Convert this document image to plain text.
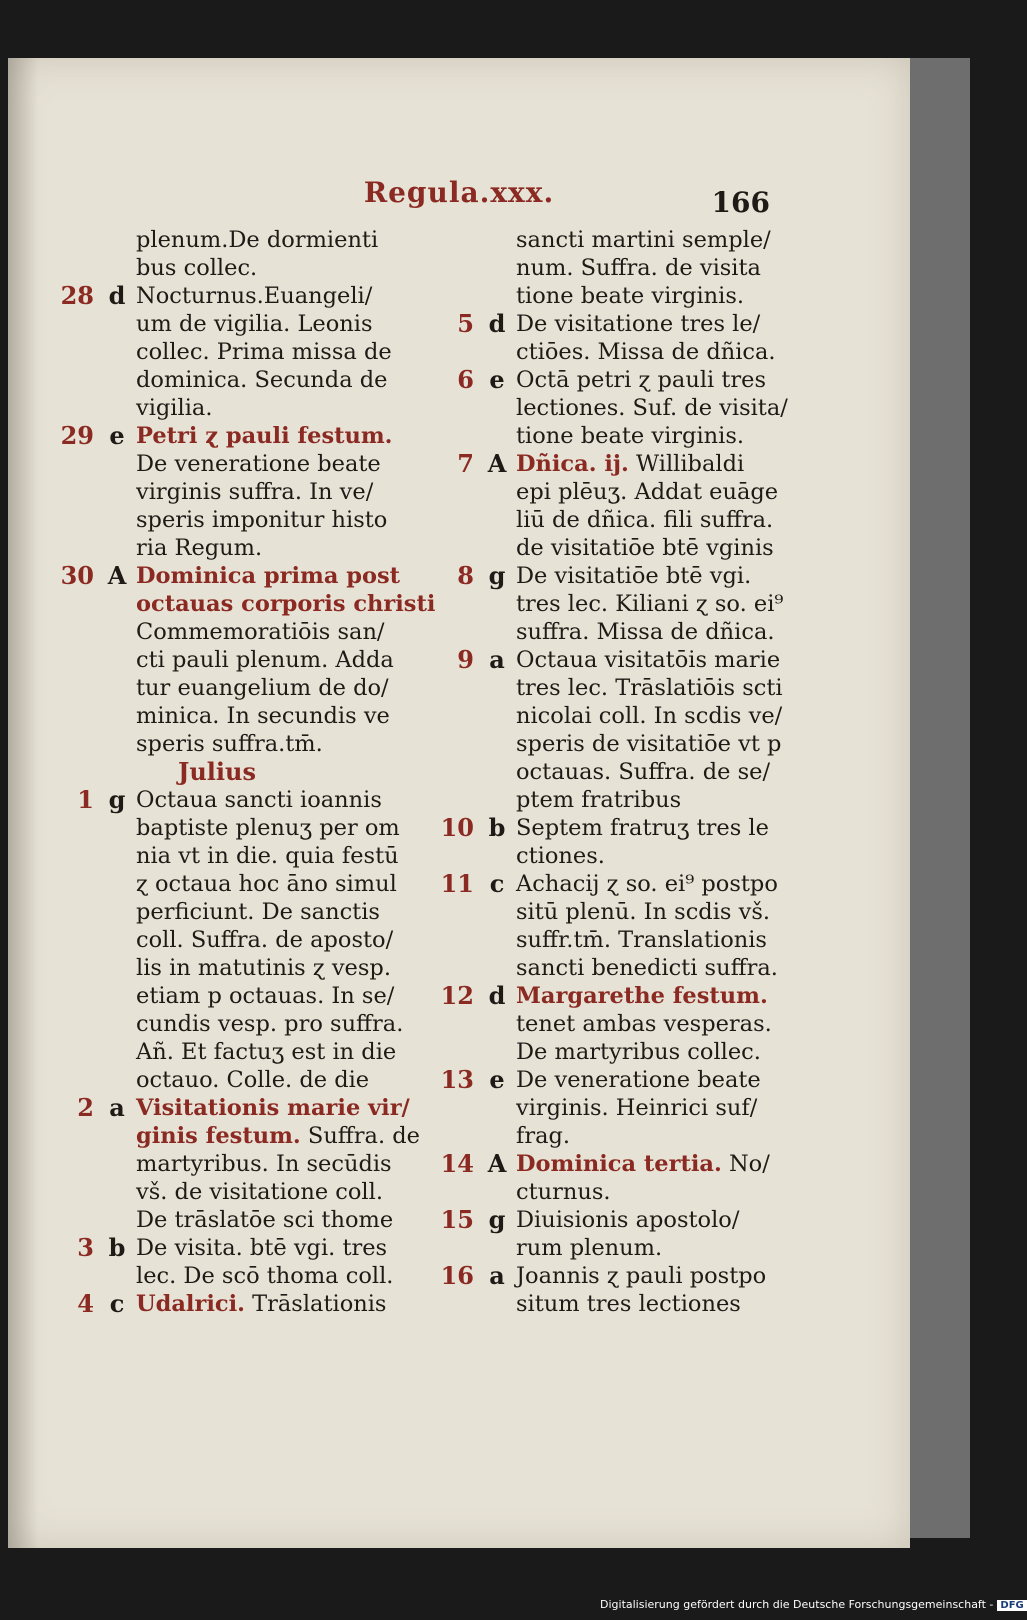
Regula.xxx.	166
plenum.De dormienti
bus collec.
28 d Nocturnus.Euangeli/
um de vigilia. Leonis
collec. Prima missa de
dominica. Secunda de
vigilia.
29 e Petri ɀ pauli festum.
De veneratione beate
virginis suffra. In ve/
speris imponitur histo
ria Regum.
30 A Dominica prima post
octauas corporis christi
Commemoratiōis san/
cti pauli plenum. Adda
tur euangelium de do/
minica. In secundis ve
speris suffra.tm̄.
Julius
1 g Octaua sancti ioannis
baptiste plenuʒ per om
nia vt in die. quia festū
ɀ octaua hoc āno simul
perficiunt. De sanctis
coll. Suffra. de aposto/
lis in matutinis ɀ vesp.
etiam p octauas. In se/
cundis vesp. pro suffra.
Añ. Et factuʒ est in die
octauo. Colle. de die
2 a Visitationis marie vir/
ginis festum. Suffra. de
martyribus. In secūdis
vš. de visitatione coll.
De trāslatōe sci thome
3 b De visita. btē vgi. tres
lec. De scō thoma coll.
4 c Udalrici. Trāslationis
sancti martini semple/
num. Suffra. de visita
tione beate virginis.
5 d De visitatione tres le/
ctiōes. Missa de dñica.
6 e Octā petri ɀ pauli tres
lectiones. Suf. de visita/
tione beate virginis.
7 A Dñica. ij. Willibaldi
epi plēuʒ. Addat euāge
liū de dñica. fili suffra.
de visitatiōe btē vginis
8 g De visitatiōe btē vgi.
tres lec. Kiliani ɀ so. ei⁹
suffra. Missa de dñica.
9 a Octaua visitatōis marie
tres lec. Trāslatiōis scti
nicolai coll. In scdis ve/
speris de visitatiōe vt p
octauas. Suffra. de se/
ptem fratribus
10 b Septem fratruʒ tres le
ctiones.
11 c Achacij ɀ so. ei⁹ postpo
sitū plenū. In scdis vš.
suffr.tm̄. Translationis
sancti benedicti suffra.
12 d Margarethe festum.
tenet ambas vesperas.
De martyribus collec.
13 e De veneratione beate
virginis. Heinrici suf/
frag.
14 A Dominica tertia. No/
cturnus.
15 g Diuisionis apostolo/
rum plenum.
16 a Joannis ɀ pauli postpo
situm tres lectiones
Digitalisierung gefördert durch die Deutsche Forschungsgemeinschaft - DFG
